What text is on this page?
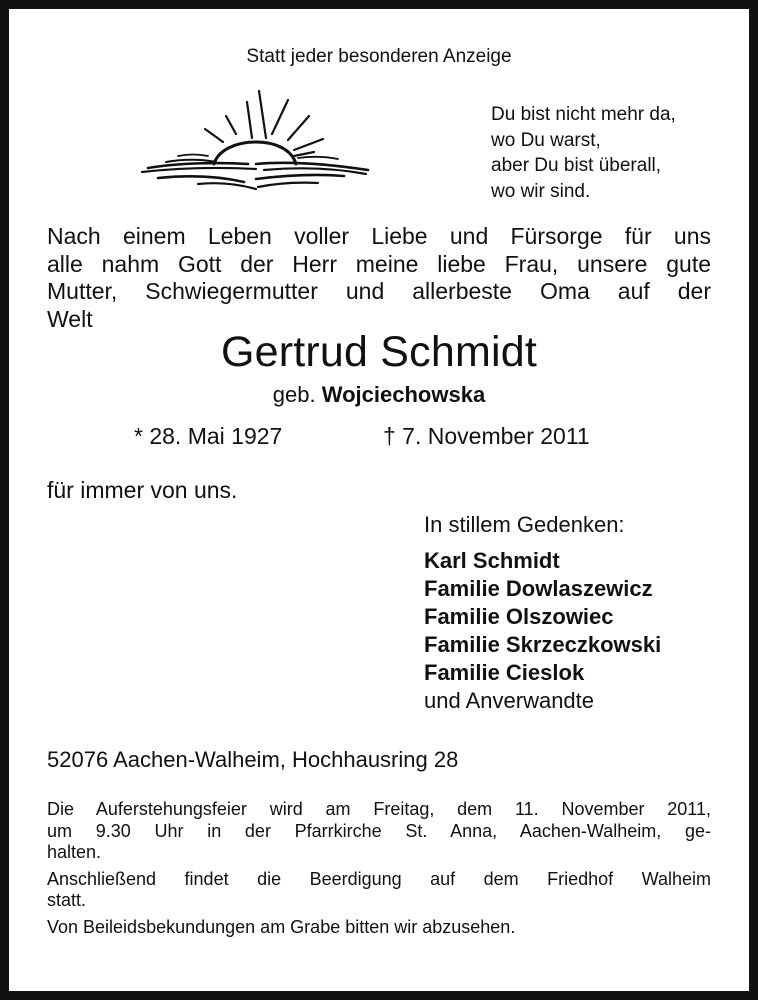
Statt jeder besonderen Anzeige
Du bist nicht mehr da,
wo Du warst,
aber Du bist überall,
wo wir sind.
Nach einem Leben voller Liebe und Fürsorge für uns
alle nahm Gott der Herr meine liebe Frau, unsere gute
Mutter, Schwiegermutter und allerbeste Oma auf der
Welt
Gertrud Schmidt
geb. Wojciechowska
* 28. Mai 1927	† 7. November 2011
für immer von uns.
In stillem Gedenken:
Karl Schmidt
Familie Dowlaszewicz
Familie Olszowiec
Familie Skrzeczkowski
Familie Cieslok
und Anverwandte
52076 Aachen-Walheim, Hochhausring 28
Die Auferstehungsfeier wird am Freitag, dem 11. November 2011,
um 9.30 Uhr in der Pfarrkirche St. Anna, Aachen-Walheim, ge-
halten.
Anschließend findet die Beerdigung auf dem Friedhof Walheim
statt.
Von Beileidsbekundungen am Grabe bitten wir abzusehen.
